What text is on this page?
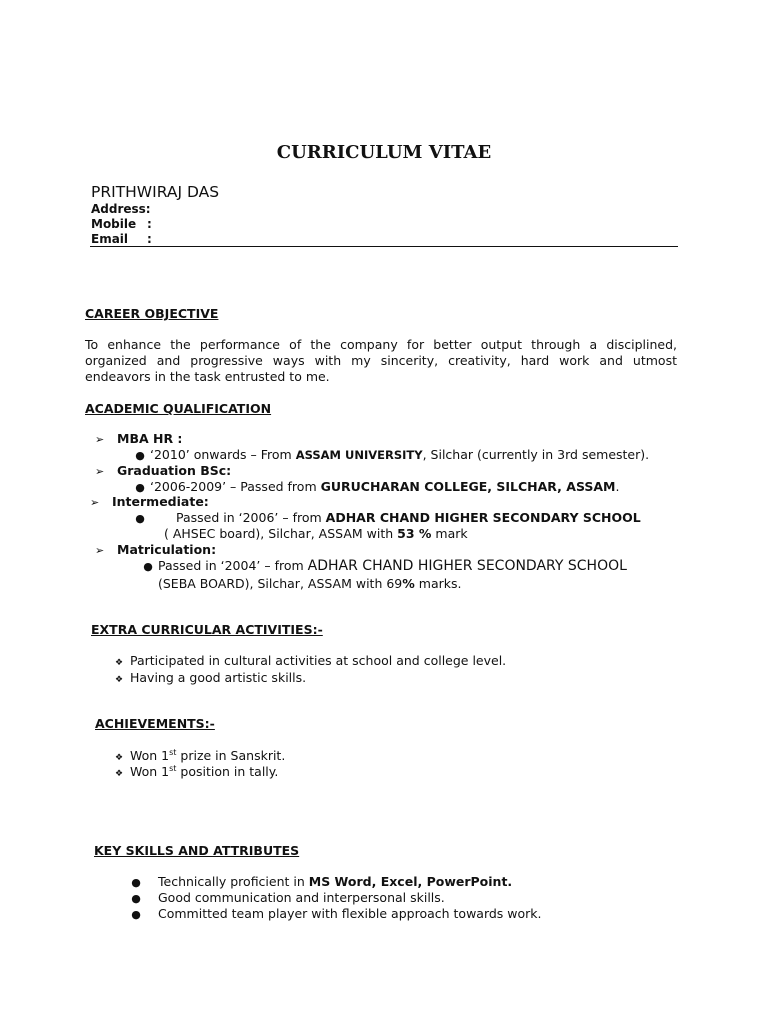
CURRICULUM VITAE
PRITHWIRAJ DAS
Address:
Mobile :
Email :
CAREER OBJECTIVE
To enhance the performance of the company for better output through a disciplined, organized and progressive ways with my sincerity, creativity, hard work and utmost
endeavors in the task entrusted to me.
ACADEMIC QUALIFICATION
➢ MBA HR :
● ‘2010’ onwards – From ASSAM UNIVERSITY, Silchar (currently in 3rd semester).
➢ Graduation BSc:
● ‘2006-2009’ – Passed from GURUCHARAN COLLEGE, SILCHAR, ASSAM.
➢ Intermediate:
● Passed in ‘2006’ – from ADHAR CHAND HIGHER SECONDARY SCHOOL
( AHSEC board), Silchar, ASSAM with 53 % mark
➢ Matriculation:
● Passed in ‘2004’ – from ADHAR CHAND HIGHER SECONDARY SCHOOL
(SEBA BOARD), Silchar, ASSAM with 69% marks.
EXTRA CURRICULAR ACTIVITIES:-
❖ Participated in cultural activities at school and college level.
❖ Having a good artistic skills.
ACHIEVEMENTS:-
❖ Won 1st prize in Sanskrit.
❖ Won 1st position in tally.
KEY SKILLS AND ATTRIBUTES
● Technically proficient in MS Word, Excel, PowerPoint.
● Good communication and interpersonal skills.
● Committed team player with flexible approach towards work.
